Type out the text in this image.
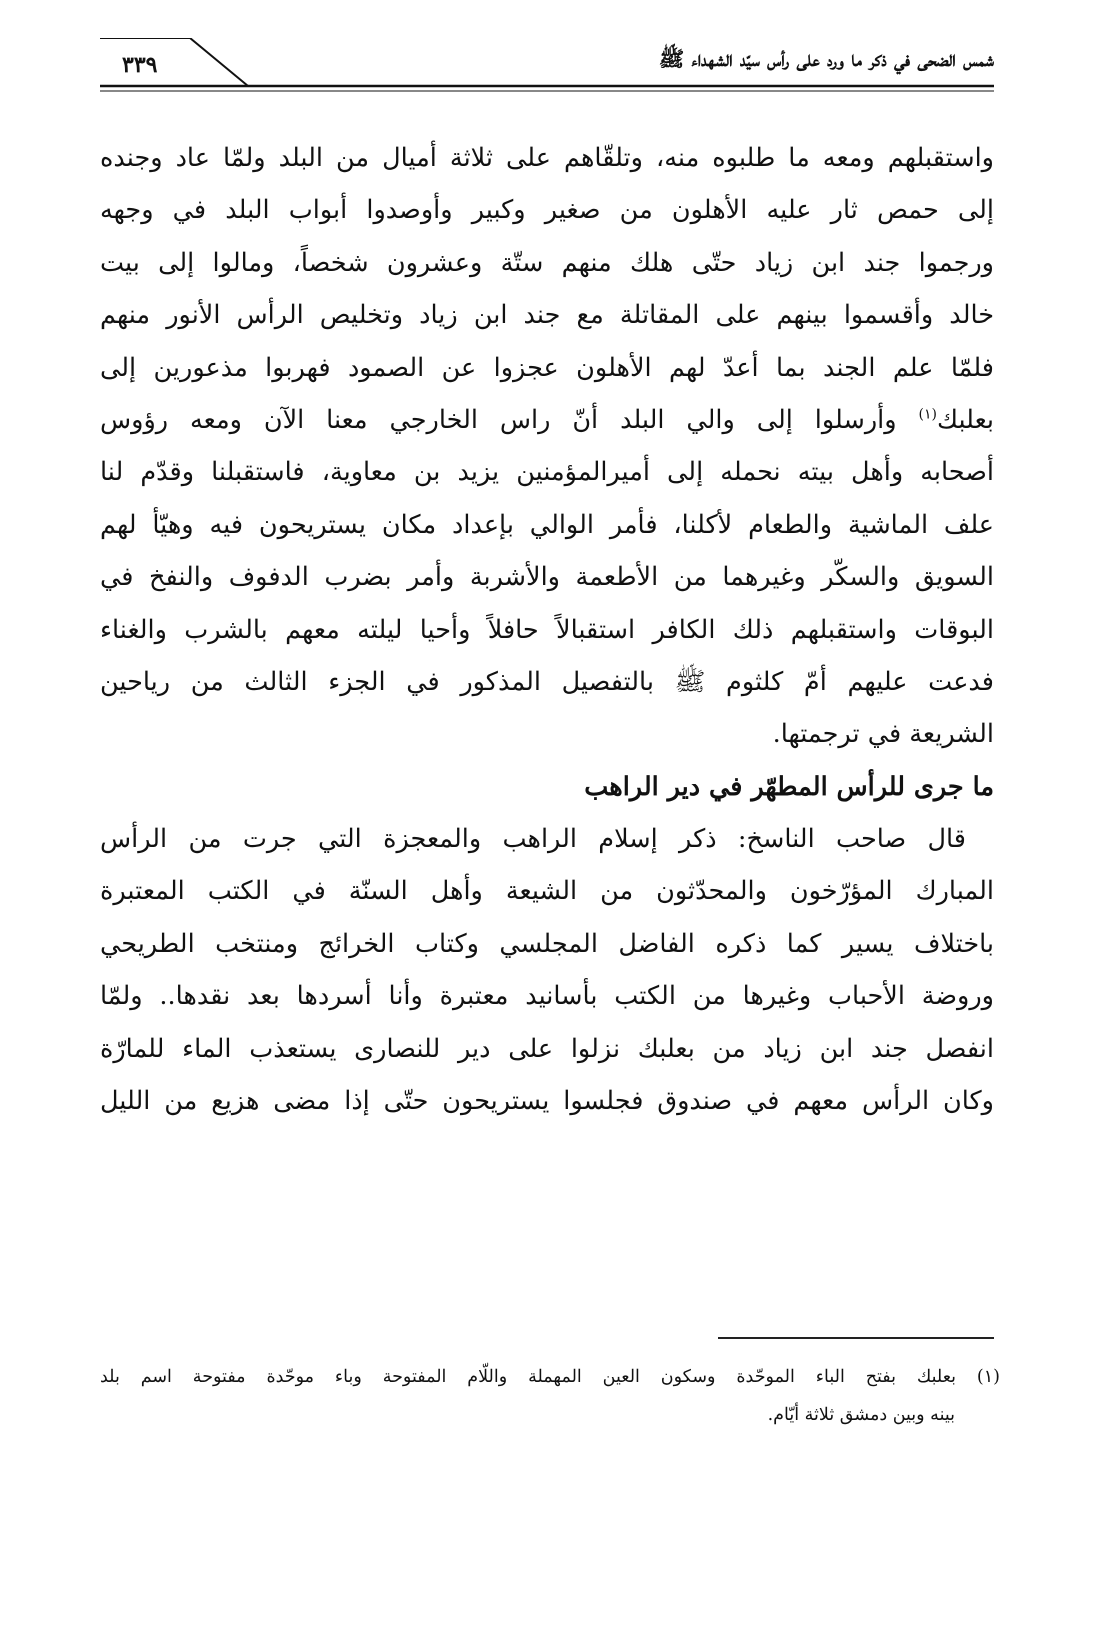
٣٣٩	شمس الضحى في ذكر ما ورد على رأس سيّد الشهداء ﷺ
واستقبلهم ومعه ما طلبوه منه، وتلقّاهم على ثلاثة أميال من البلد ولمّا عاد وجنده
إلى حمص ثار عليه الأهلون من صغير وكبير وأوصدوا أبواب البلد في وجهه
ورجموا جند ابن زياد حتّى هلك منهم ستّة وعشرون شخصاً، ومالوا إلى بيت
خالد وأقسموا بينهم على المقاتلة مع جند ابن زياد وتخليص الرأس الأنور منهم
فلمّا علم الجند بما أعدّ لهم الأهلون عجزوا عن الصمود فهربوا مذعورين إلى
بعلبك$^{(١)}$ وأرسلوا إلى والي البلد أنّ راس الخارجي معنا الآن ومعه رؤوس
أصحابه وأهل بيته نحمله إلى أميرالمؤمنين يزيد بن معاوية، فاستقبلنا وقدّم لنا
علف الماشية والطعام لأكلنا، فأمر الوالي بإعداد مكان يستريحون فيه وهيّأ لهم
السويق والسكّر وغيرهما من الأطعمة والأشربة وأمر بضرب الدفوف والنفخ في
البوقات واستقبلهم ذلك الكافر استقبالاً حافلاً وأحيا ليلته معهم بالشرب والغناء
فدعت عليهم أمّ كلثوم ﷺ بالتفصيل المذكور في الجزء الثالث من رياحين
الشريعة في ترجمتها.
ما جرى للرأس المطهّر في دير الراهب
قال صاحب الناسخ: ذكر إسلام الراهب والمعجزة التي جرت من الرأس
المبارك المؤرّخون والمحدّثون من الشيعة وأهل السنّة في الكتب المعتبرة
باختلاف يسير كما ذكره الفاضل المجلسي وكتاب الخرائج ومنتخب الطريحي
وروضة الأحباب وغيرها من الكتب بأسانيد معتبرة وأنا أسردها بعد نقدها.. ولمّا
انفصل جند ابن زياد من بعلبك نزلوا على دير للنصارى يستعذب الماء للمارّة
وكان الرأس معهم في صندوق فجلسوا يستريحون حتّى إذا مضى هزيع من الليل
(١) بعلبك بفتح الباء الموحّدة وسكون العين المهملة واللّام المفتوحة وباء موحّدة مفتوحة اسم بلد
بينه وبين دمشق ثلاثة أيّام.
